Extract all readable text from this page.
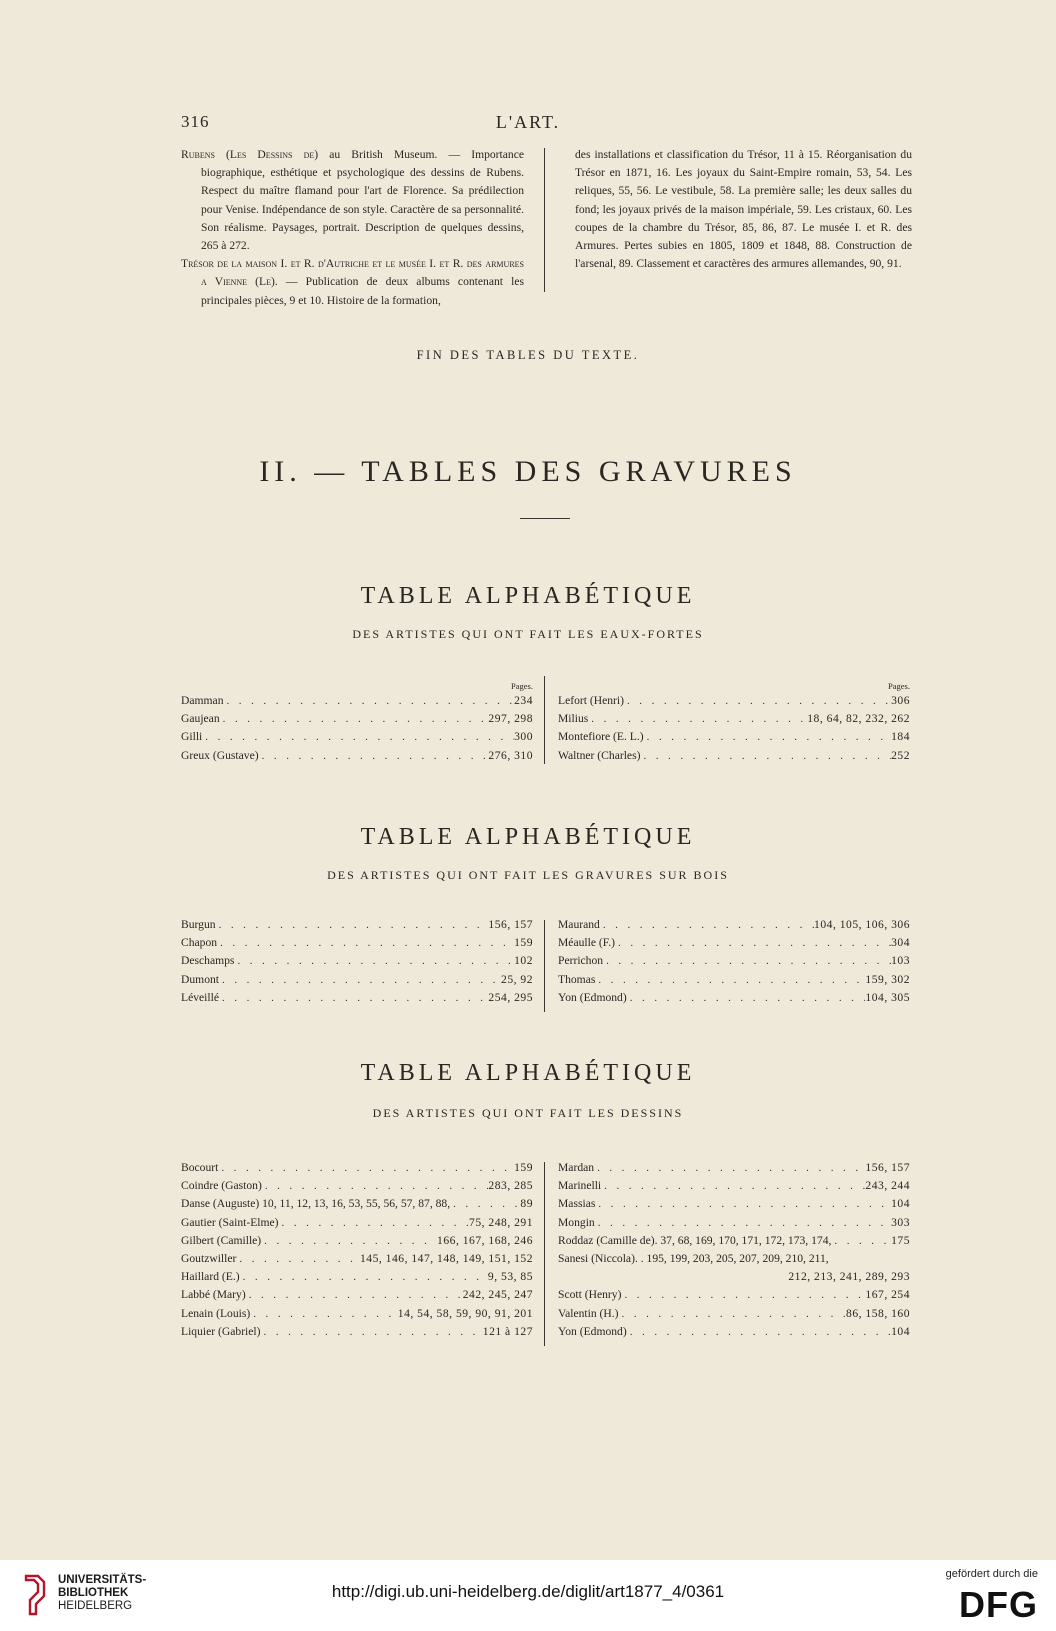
316	L'ART.
Rubens (Les Dessins de) au British Museum. — Importance biographique, esthétique et psychologique des dessins de Rubens. Respect du maître flamand pour l'art de Florence. Sa prédilection pour Venise. Indépendance de son style. Caractère de sa personnalité. Son réalisme. Paysages, portrait. Description de quelques dessins, 265 à 272.
Trésor de la maison I. et R. d'Autriche et le musée I. et R. des armures a Vienne (Le). — Publication de deux albums contenant les principales pièces, 9 et 10. Histoire de la formation,
des installations et classification du Trésor, 11 à 15. Réorganisation du Trésor en 1871, 16. Les joyaux du Saint-Empire romain, 53, 54. Les reliques, 55, 56. Le vestibule, 58. La première salle; les deux salles du fond; les joyaux privés de la maison impériale, 59. Les cristaux, 60. Les coupes de la chambre du Trésor, 85, 86, 87. Le musée I. et R. des Armures. Pertes subies en 1805, 1809 et 1848, 88. Construction de l'arsenal, 89. Classement et caractères des armures allemandes, 90, 91.
FIN DES TABLES DU TEXTE.
II. — TABLES DES GRAVURES
TABLE ALPHABÉTIQUE
DES ARTISTES QUI ONT FAIT LES EAUX-FORTES
Pages.
Damman . . .	234
Gaujean . . .	297, 298
Gilli . . .	300
Greux (Gustave) . . .	276, 310
Pages.
Lefort (Henri) . . .	306
Milius . . .	18, 64, 82, 232, 262
Montefiore (E. L.) . . .	184
Waltner (Charles) . . .	252
TABLE ALPHABÉTIQUE
DES ARTISTES QUI ONT FAIT LES GRAVURES SUR BOIS
Burgun . . .	156, 157
Chapon . . .	159
Deschamps . . .	102
Dumont . . .	25, 92
Léveillé . . .	254, 295
Maurand . . .	104, 105, 106, 306
Méaulle (F.) . . .	304
Perrichon . . .	103
Thomas . . .	159, 302
Yon (Edmond) . . .	104, 305
TABLE ALPHABÉTIQUE
DES ARTISTES QUI ONT FAIT LES DESSINS
Bocourt . . .	159
Coindre (Gaston) . . .	283, 285
Danse (Auguste) 10, 11, 12, 13, 16, 53, 55, 56, 57, 87, 88, . . .	89
Gautier (Saint-Elme) . . .	75, 248, 291
Gilbert (Camille) . . .	166, 167, 168, 246
Goutzwiller . . .	145, 146, 147, 148, 149, 151, 152
Haillard (E.) . . .	9, 53, 85
Labbé (Mary) . . .	242, 245, 247
Lenain (Louis) . . .	14, 54, 58, 59, 90, 91, 201
Liquier (Gabriel) . . .	121 à 127
Mardan . . .	156, 157
Marinelli . . .	243, 244
Massias . . .	104
Mongin . . .	303
Roddaz (Camille de). 37, 68, 169, 170, 171, 172, 173, 174, . . .	175
Sanesi (Niccola). . 195, 199, 203, 205, 207, 209, 210, 211,
212, 213, 241, 289, 293
Scott (Henry) . . .	167, 254
Valentin (H.) . . .	86, 158, 160
Yon (Edmond) . . .	104
UNIVERSITÄTS-
BIBLIOTHEK
HEIDELBERG
http://digi.ub.uni-heidelberg.de/diglit/art1877_4/0361
gefördert durch die
DFG
